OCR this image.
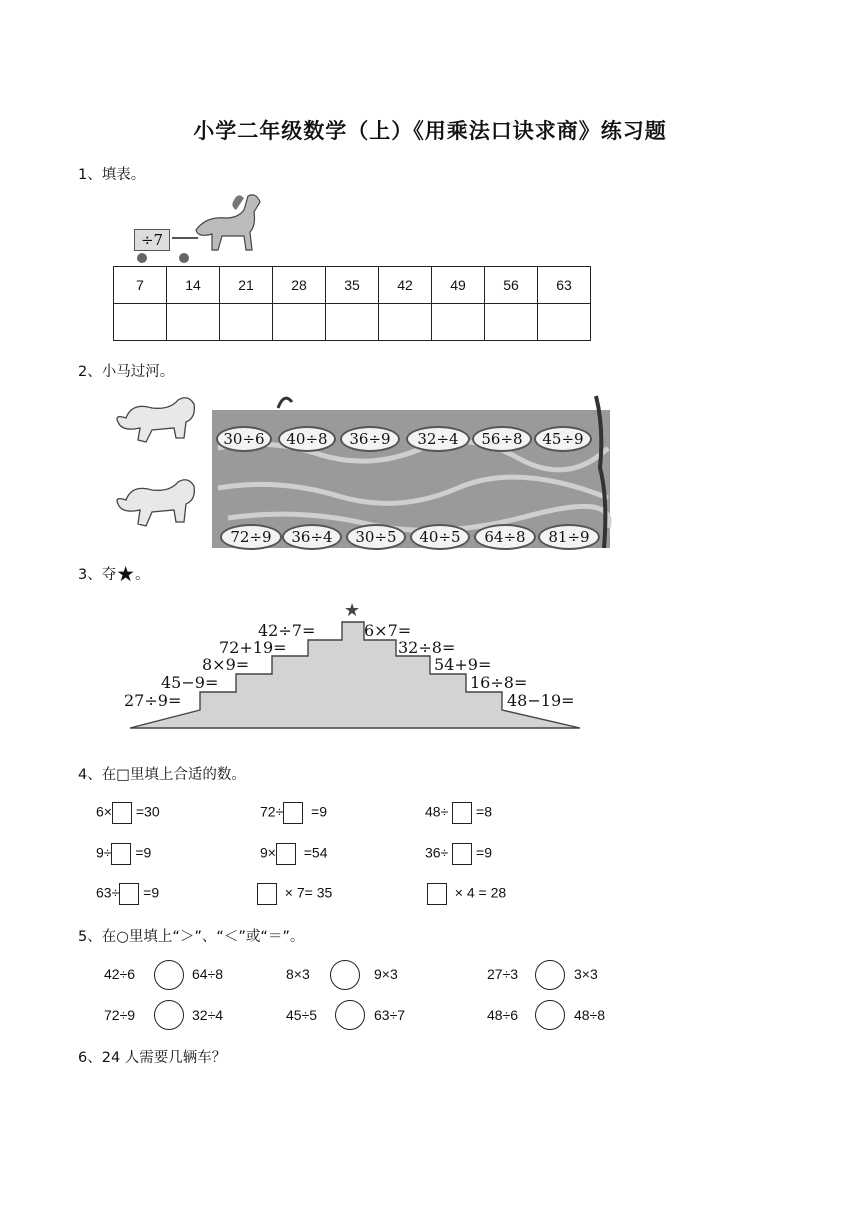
小学二年级数学（上）《用乘法口诀求商》练习题
1、填表。
÷7
7	14	21	28	35	42	49	56	63

2、小马过河。
30÷6	40÷8	36÷9	32÷4	56÷8	45÷9
72÷9	36÷4	30÷5	40÷5	64÷8	81÷9
3、夺★。
★
27÷9=
45−9=
8×9=
72+19=
42÷7=	6×7=
32÷8=
54+9=
16÷8=
48−19=
4、在□里填上合适的数。
6× =30	72÷ =9	48÷ =8
9÷ =9	9× =54	36÷ =9
63÷ =9	× 7= 35	× 4 = 28
5、在○里填上“＞”、“＜”或“＝”。
42÷6	64÷8	8×3	9×3	27÷3	3×3
72÷9	32÷4	45÷5	63÷7	48÷6	48÷8
6、24 人需要几辆车？
